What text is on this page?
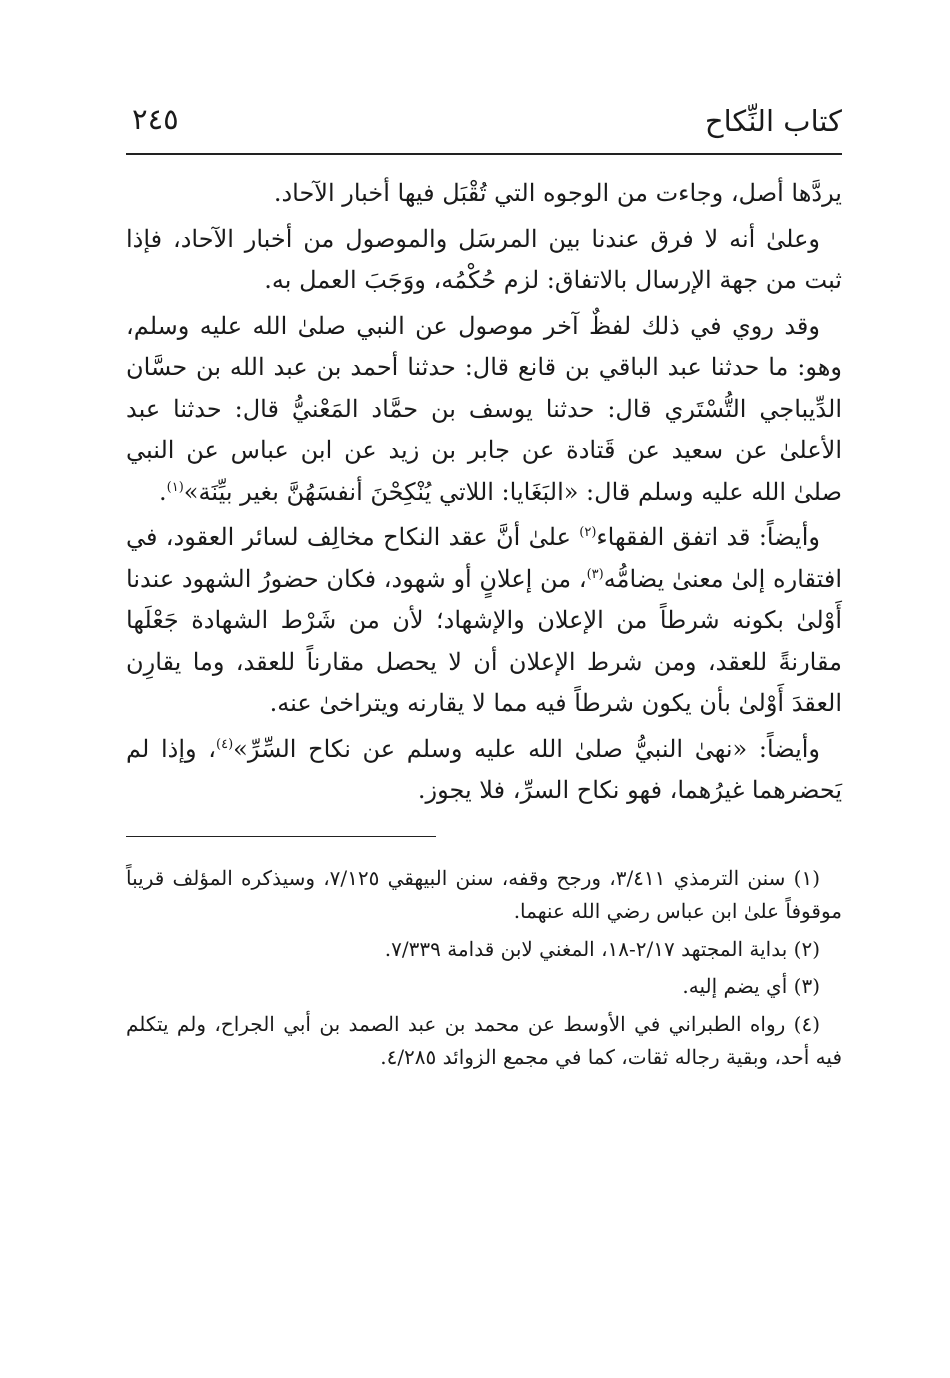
كتاب النِّكاح
٢٤٥

يردَّها أصل، وجاءت من الوجوه التي تُقْبَل فيها أخبار الآحاد.

وعلىٰ أنه لا فرق عندنا بين المرسَل والموصول من أخبار الآحاد، فإذا ثبت من جهة الإرسال بالاتفاق: لزم حُكْمُه، ووَجَبَ العمل به.

وقد روي في ذلك لفظٌ آخر موصول عن النبي صلىٰ الله عليه وسلم، وهو: ما حدثنا عبد الباقي بن قانع قال: حدثنا أحمد بن عبد الله بن حسَّان الدِّيباجي التُّسْتَري قال: حدثنا يوسف بن حمَّاد المَعْنيُّ قال: حدثنا عبد الأعلىٰ عن سعيد عن قَتادة عن جابر بن زيد عن ابن عباس عن النبي صلىٰ الله عليه وسلم قال: «البَغَايا: اللاتي يُنْكِحْنَ أنفسَهُنَّ بغير بيِّنَة»$^{(١)}$.

وأيضاً: قد اتفق الفقهاء$^{(٢)}$ علىٰ أنَّ عقد النكاح مخالِف لسائر العقود، في افتقاره إلىٰ معنىٰ يضامُّه$^{(٣)}$، من إعلانٍ أو شهود، فكان حضورُ الشهود عندنا أَوْلىٰ بكونه شرطاً من الإعلان والإشهاد؛ لأن من شَرْط الشهادة جَعْلَها مقارنةً للعقد، ومن شرط الإعلان أن لا يحصل مقارناً للعقد، وما يقارِن العقدَ أَوْلىٰ بأن يكون شرطاً فيه مما لا يقارنه ويتراخىٰ عنه.

وأيضاً: «نهىٰ النبيُّ صلىٰ الله عليه وسلم عن نكاح السِّرِّ»$^{(٤)}$، وإذا لم يَحضرهما غيرُهما، فهو نكاح السرِّ، فلا يجوز.

(١) سنن الترمذي ٣/٤١١، ورجح وقفه، سنن البيهقي ٧/١٢٥، وسيذكره المؤلف قريباً موقوفاً علىٰ ابن عباس رضي الله عنهما.

(٢) بداية المجتهد ٢/١٧-١٨، المغني لابن قدامة ٧/٣٣٩.

(٣) أي يضم إليه.

(٤) رواه الطبراني في الأوسط عن محمد بن عبد الصمد بن أبي الجراح، ولم يتكلم فيه أحد، وبقية رجاله ثقات، كما في مجمع الزوائد ٤/٢٨٥.
